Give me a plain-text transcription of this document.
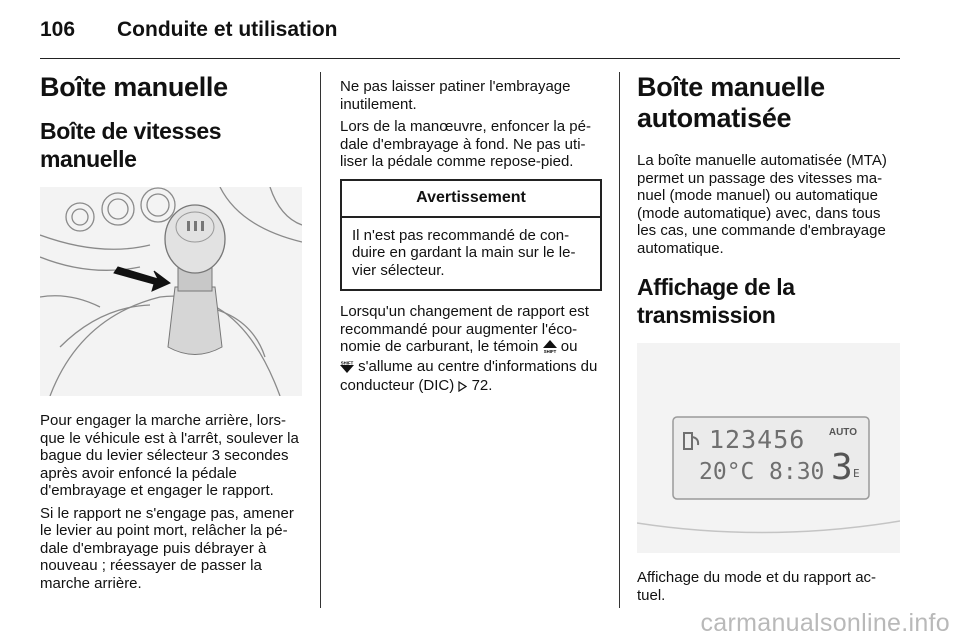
106 Conduite et utilisation
Boîte manuelle
Boîte de vitesses manuelle

Pour engager la marche arrière, lors-que le véhicule est à l'arrêt, soulever la bague du levier sélecteur 3 secondes après avoir enfoncé la pédale d'embrayage et engager le rapport.

Si le rapport ne s'engage pas, amener le levier au point mort, relâcher la pé-dale d'embrayage puis débrayer à nouveau ; réessayer de passer la marche arrière.

Ne pas laisser patiner l'embrayage inutilement.

Lors de la manœuvre, enfoncer la pé-dale d'embrayage à fond. Ne pas uti-liser la pédale comme repose-pied.

Avertissement

Il n'est pas recommandé de con-duire en gardant la main sur le le-vier sélecteur.

Lorsqu'un changement de rapport est recommandé pour augmenter l'éco-nomie de carburant, le témoin SHIFT ou

SHIFT s'allume au centre d'informations du conducteur (DIC) 72.

Boîte manuelle automatisée

La boîte manuelle automatisée (MTA) permet un passage des vitesses ma-nuel (mode manuel) ou automatique (mode automatique) avec, dans tous les cas, une commande d'embrayage automatique.

Affichage de la transmission
123456 AUTO
20°C 8:30 3 E

Affichage du mode et du rapport ac-tuel.

carmanualsonline.info
